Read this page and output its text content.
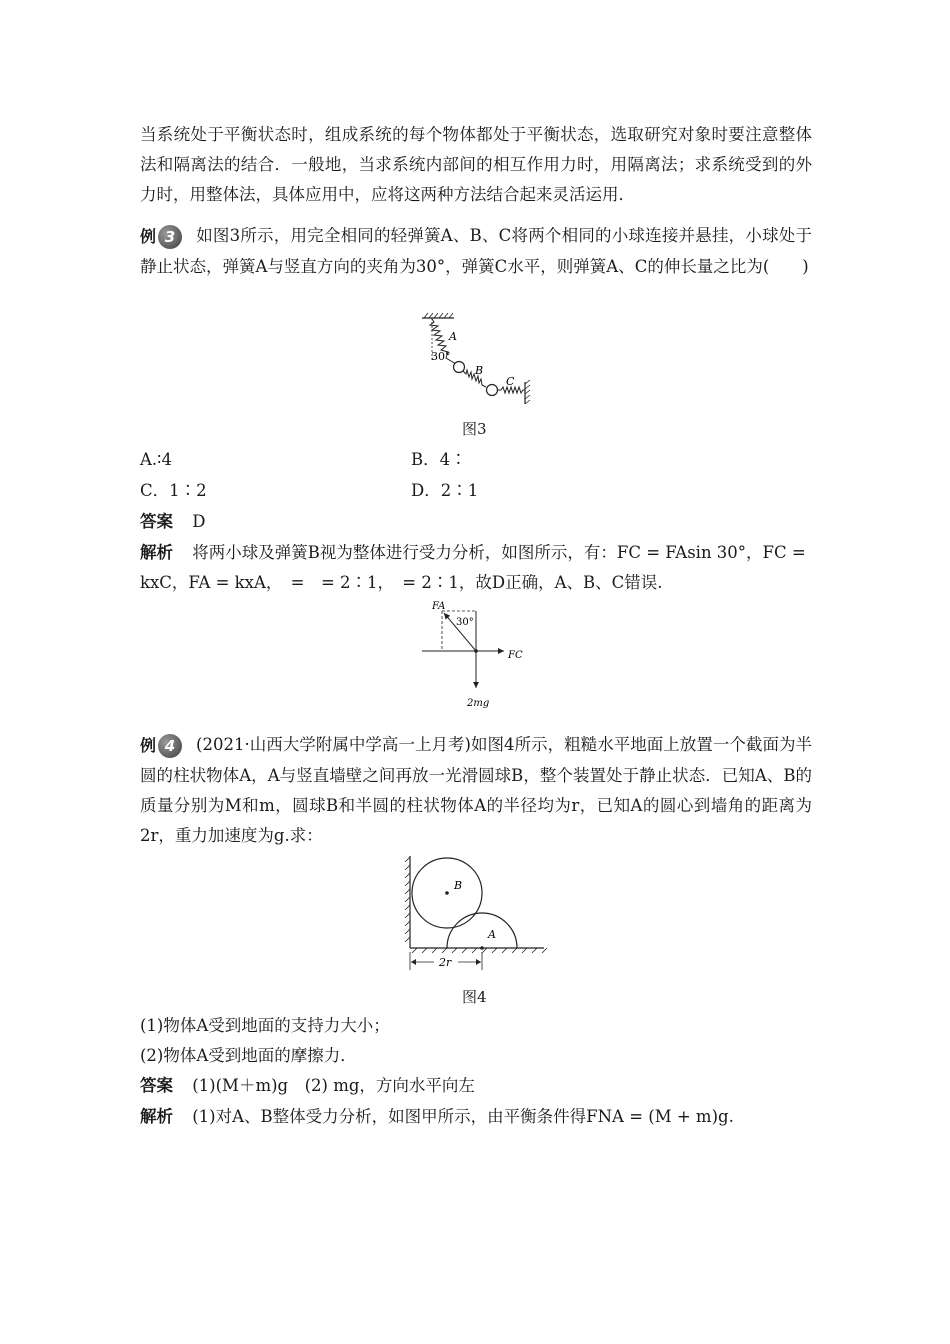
当系统处于平衡状态时，组成系统的每个物体都处于平衡状态，选取研究对象时要注意整体法和隔离法的结合．一般地，当求系统内部间的相互作用力时，用隔离法；求系统受到的外力时，用整体法，具体应用中，应将这两种方法结合起来灵活运用．
例 3	如图3所示，用完全相同的轻弹簧A、B、C将两个相同的小球连接并悬挂，小球处于静止状态，弹簧A与竖直方向的夹角为30°，弹簧C水平，则弹簧A、C的伸长量之比为(　　)
A
30°
B
C
图3
A.∶4	B．4∶
C．1∶2	D．2∶1
答案 D
解析 将两小球及弹簧B视为整体进行受力分析，如图所示，有：FC = FAsin 30°，FC =
kxC，FA = kxA，　=　= 2∶1，　= 2∶1，故D正确，A、B、C错误.
FA
30°
FC
2mg
例 4	(2021·山西大学附属中学高一上月考)如图4所示，粗糙水平地面上放置一个截面为半圆的柱状物体A，A与竖直墙壁之间再放一光滑圆球B，整个装置处于静止状态．已知A、B的质量分别为M和m，圆球B和半圆的柱状物体A的半径均为r，已知A的圆心到墙角的距离为2r，重力加速度为g.求：
B
A
2r
图4
(1)物体A受到地面的支持力大小；
(2)物体A受到地面的摩擦力．
答案 (1)(M＋m)g　(2) mg，方向水平向左
解析 (1)对A、B整体受力分析，如图甲所示，由平衡条件得FNA = (M + m)g.
